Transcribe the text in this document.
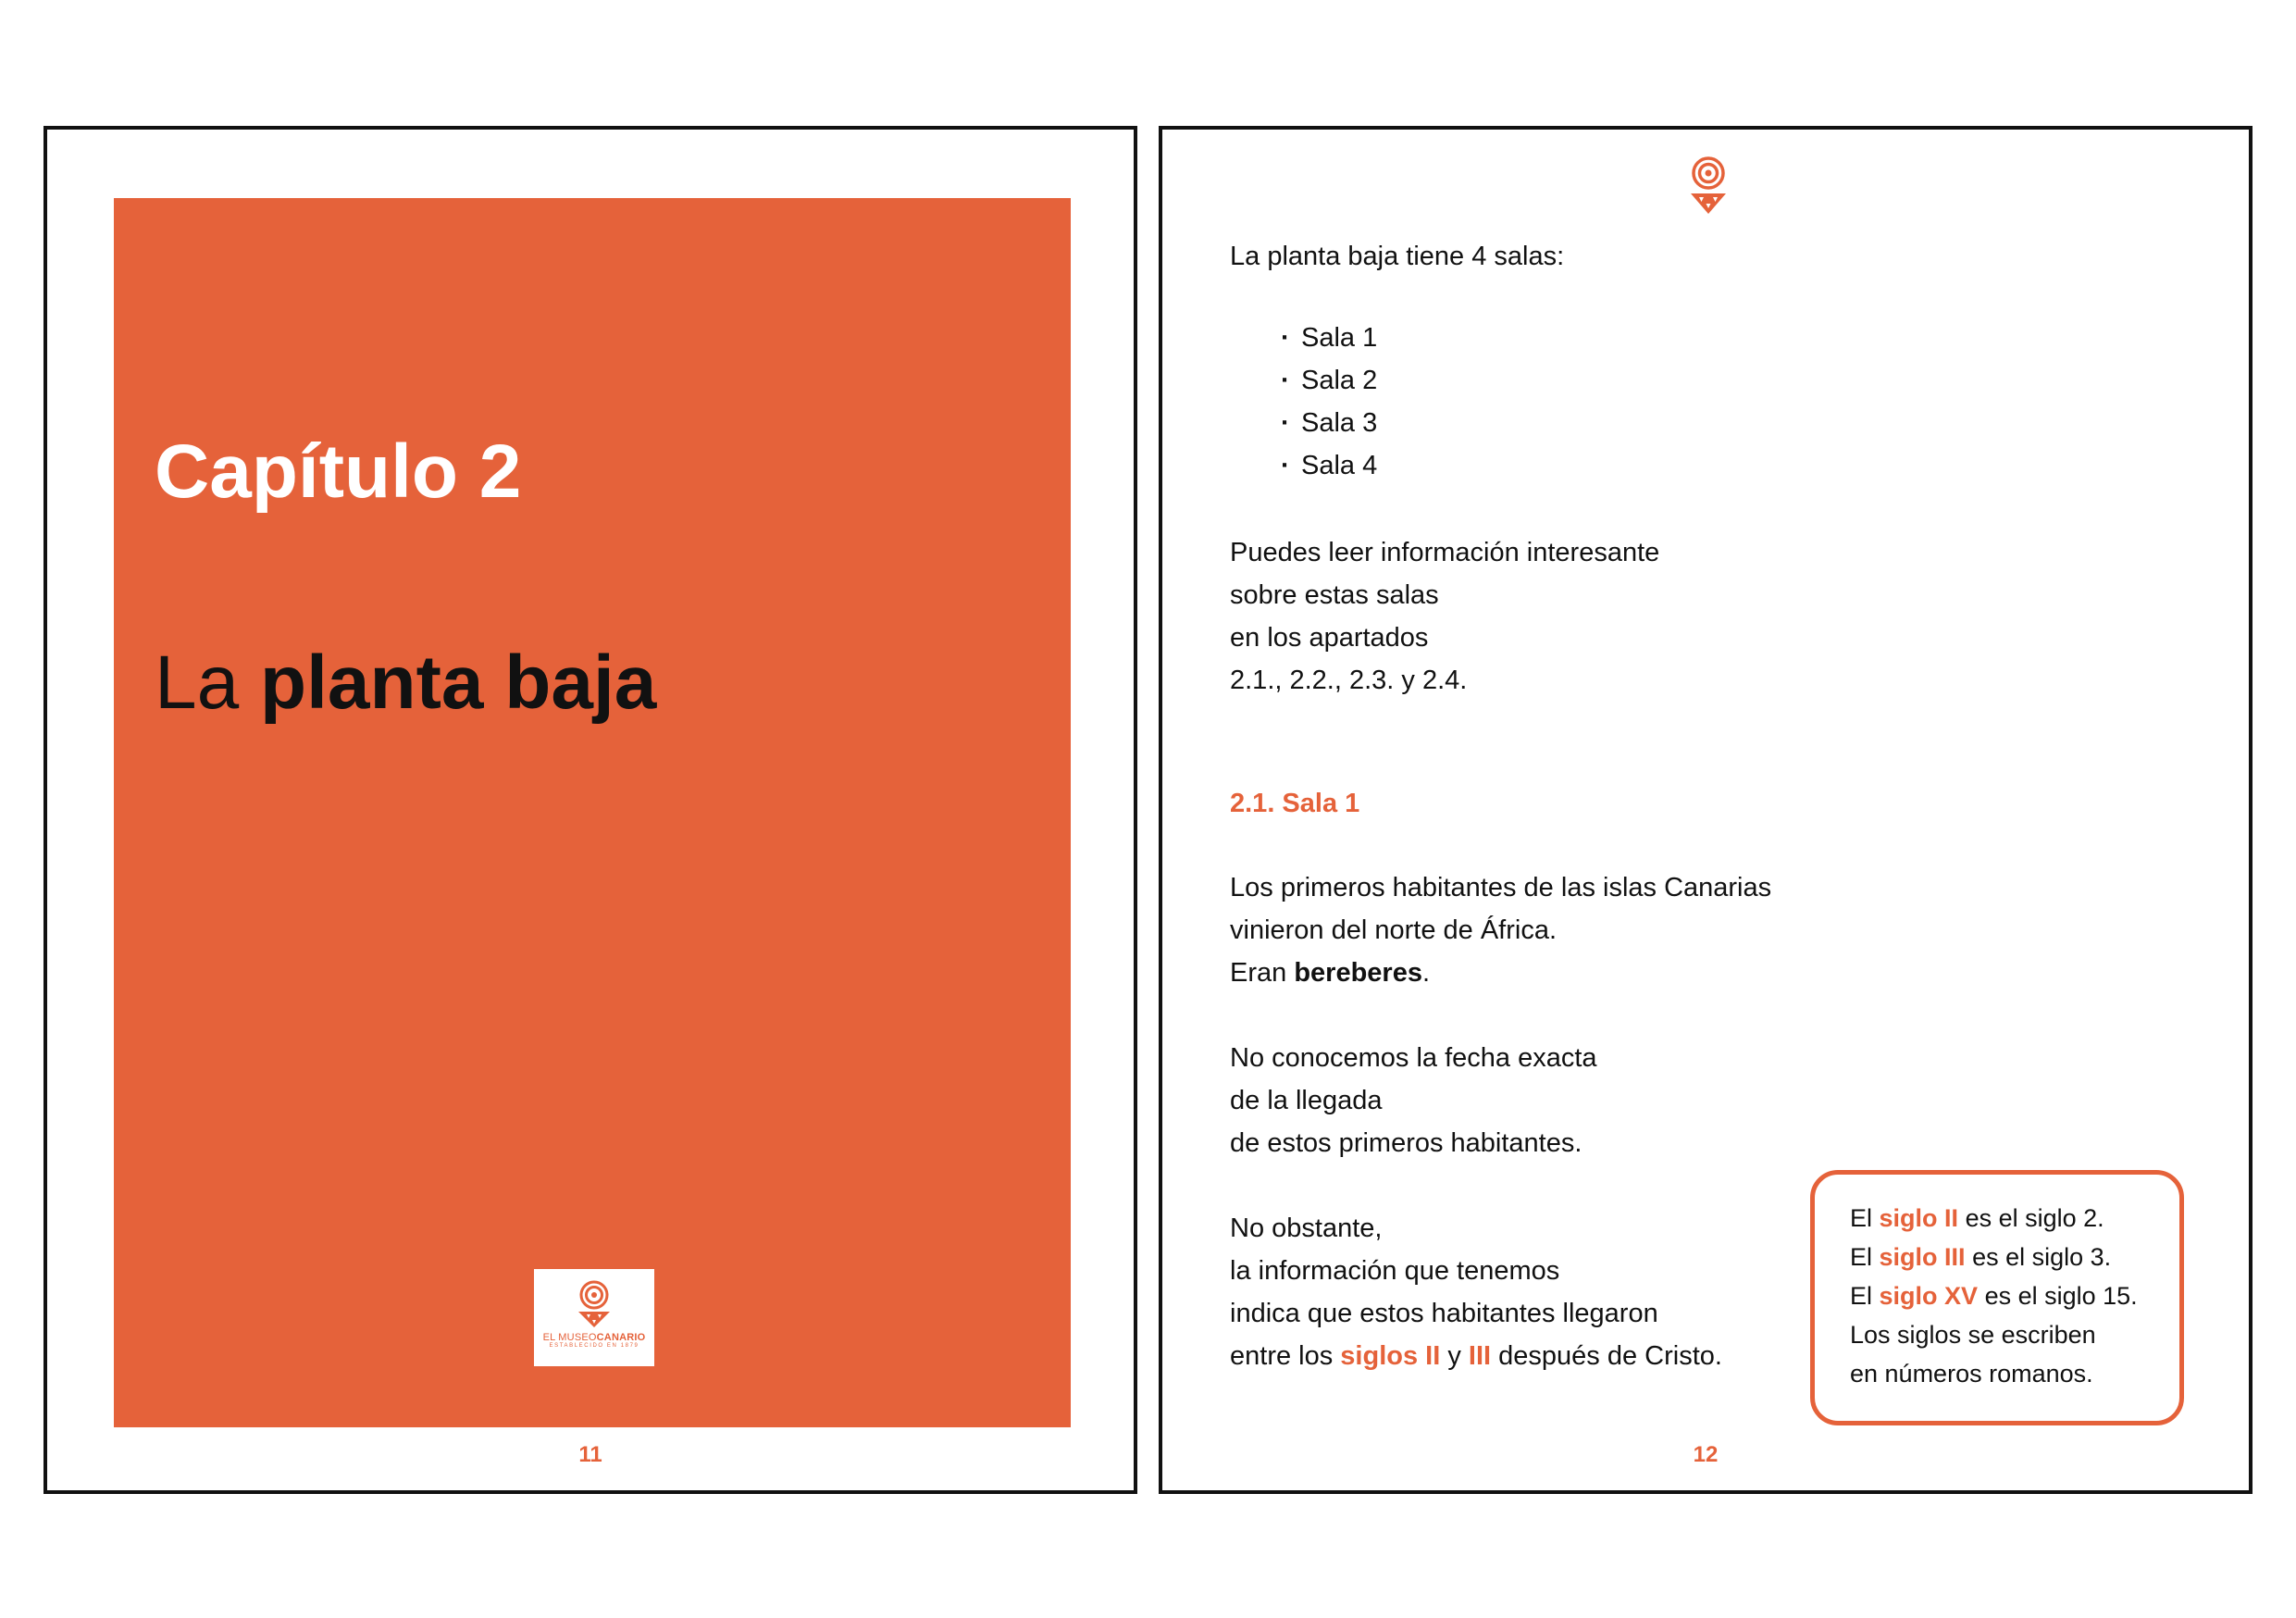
Capítulo 2
La planta baja
EL MUSEOCANARIO
ESTABLECIDO EN 1879
11

La planta baja tiene 4 salas:

· Sala 1
· Sala 2
· Sala 3
· Sala 4

Puedes leer información interesante
sobre estas salas
en los apartados
2.1., 2.2., 2.3. y 2.4.

2.1. Sala 1

Los primeros habitantes de las islas Canarias
vinieron del norte de África.
Eran bereberes.

No conocemos la fecha exacta
de la llegada
de estos primeros habitantes.

No obstante,
la información que tenemos
indica que estos habitantes llegaron
entre los siglos II y III después de Cristo.

El siglo II es el siglo 2.
El siglo III es el siglo 3.
El siglo XV es el siglo 15.
Los siglos se escriben
en números romanos.
12
